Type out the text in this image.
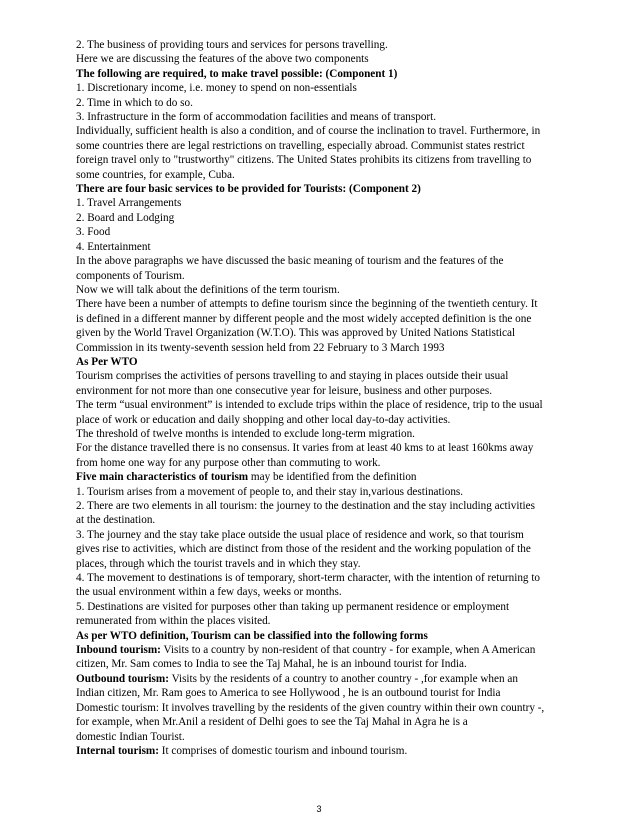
2. The business of providing tours and services for persons travelling.
Here we are discussing the features of the above two components
The following are required, to make travel possible: (Component 1)
1. Discretionary income, i.e. money to spend on non-essentials
2. Time in which to do so.
3. Infrastructure in the form of accommodation facilities and means of transport.
Individually, sufficient health is also a condition, and of course the inclination to travel. Furthermore, in
some countries there are legal restrictions on travelling, especially abroad. Communist states restrict
foreign travel only to "trustworthy" citizens. The United States prohibits its citizens from travelling to
some countries, for example, Cuba.
There are four basic services to be provided for Tourists: (Component 2)
1. Travel Arrangements
2. Board and Lodging
3. Food
4. Entertainment
In the above paragraphs we have discussed the basic meaning of tourism and the features of the
components of Tourism.
Now we will talk about the definitions of the term tourism.
There have been a number of attempts to define tourism since the beginning of the twentieth century. It
is defined in a different manner by different people and the most widely accepted definition is the one
given by the World Travel Organization (W.T.O). This was approved by United Nations Statistical
Commission in its twenty-seventh session held from 22 February to 3 March 1993
As Per WTO
Tourism comprises the activities of persons travelling to and staying in places outside their usual
environment for not more than one consecutive year for leisure, business and other purposes.
The term “usual environment” is intended to exclude trips within the place of residence, trip to the usual
place of work or education and daily shopping and other local day-to-day activities.
The threshold of twelve months is intended to exclude long-term migration.
For the distance travelled there is no consensus. It varies from at least 40 kms to at least 160kms away
from home one way for any purpose other than commuting to work.
Five main characteristics of tourism may be identified from the definition
1. Tourism arises from a movement of people to, and their stay in,various destinations.
2. There are two elements in all tourism: the journey to the destination and the stay including activities
at the destination.
3. The journey and the stay take place outside the usual place of residence and work, so that tourism
gives rise to activities, which are distinct from those of the resident and the working population of the
places, through which the tourist travels and in which they stay.
4. The movement to destinations is of temporary, short-term character, with the intention of returning to
the usual environment within a few days, weeks or months.
5. Destinations are visited for purposes other than taking up permanent residence or employment
remunerated from within the places visited.
As per WTO definition, Tourism can be classified into the following forms
Inbound tourism: Visits to a country by non-resident of that country - for example, when A American
citizen, Mr. Sam comes to India to see the Taj Mahal, he is an inbound tourist for India.
Outbound tourism: Visits by the residents of a country to another country - ,for example when an
Indian citizen, Mr. Ram goes to America to see Hollywood , he is an outbound tourist for India
Domestic tourism: It involves travelling by the residents of the given country within their own country -,
for example, when Mr.Anil a resident of Delhi goes to see the Taj Mahal in Agra he is a
domestic Indian Tourist.
Internal tourism: It comprises of domestic tourism and inbound tourism.
3
